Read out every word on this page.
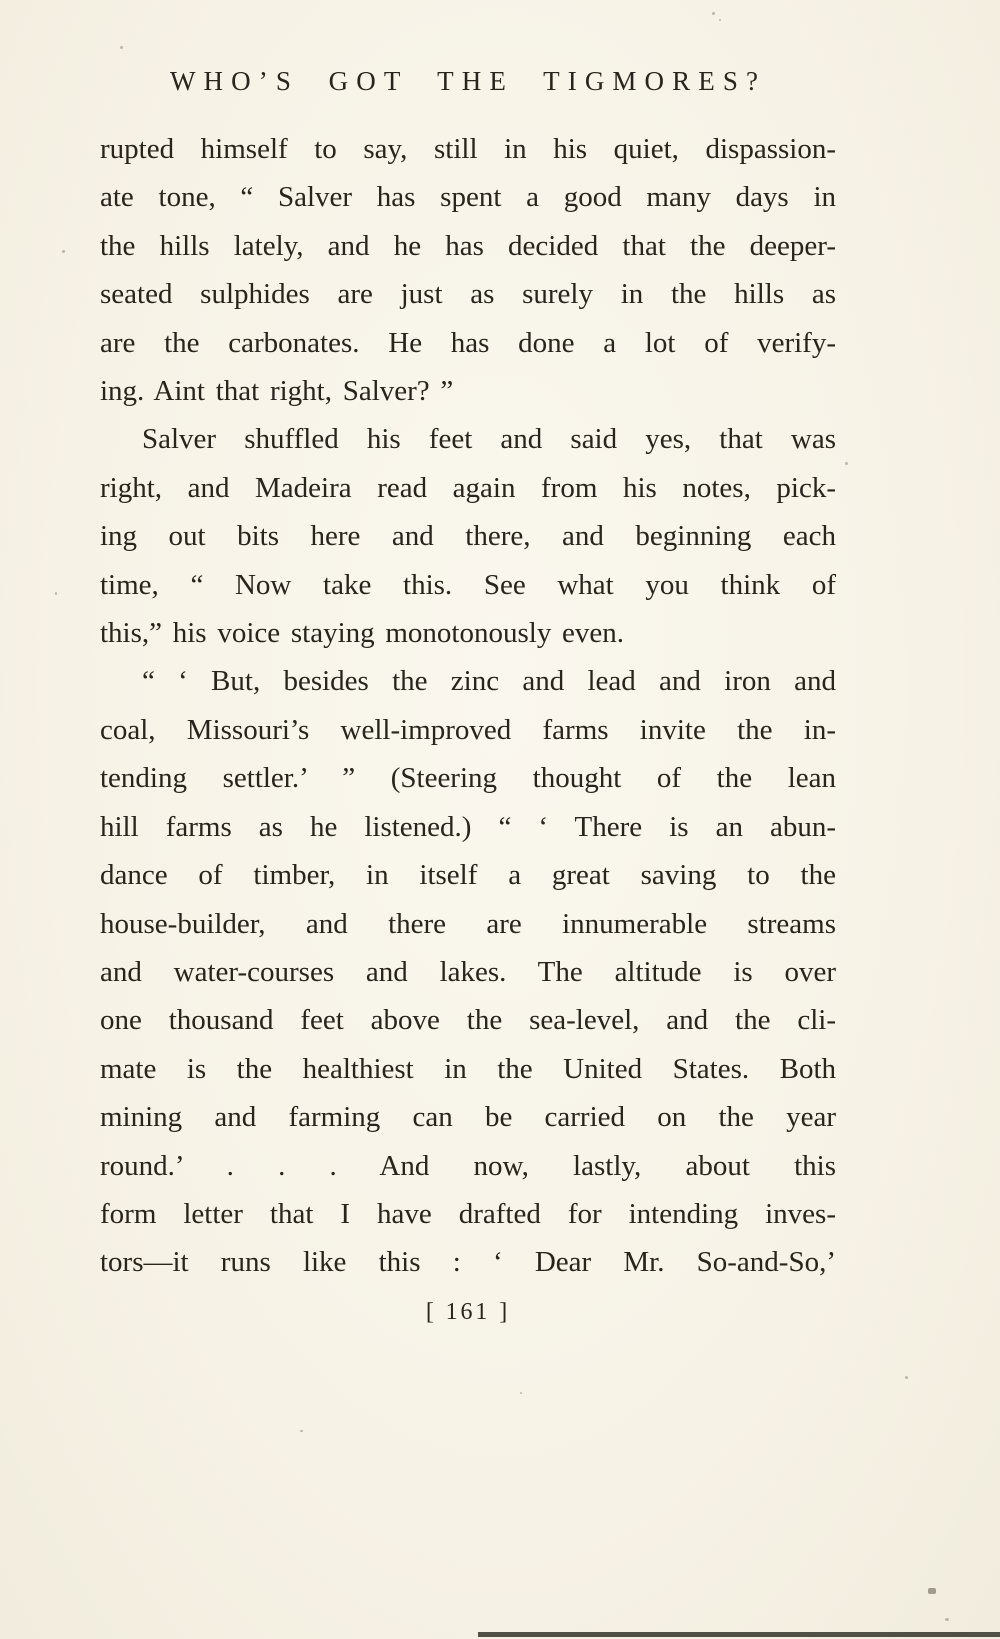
WHO’S GOT THE TIGMORES?
rupted himself to say, still in his quiet, dispassion-
ate tone, “ Salver has spent a good many days in
the hills lately, and he has decided that the deeper-
seated sulphides are just as surely in the hills as
are the carbonates. He has done a lot of verify-
ing. Aint that right, Salver? ”
Salver shuffled his feet and said yes, that was
right, and Madeira read again from his notes, pick-
ing out bits here and there, and beginning each
time, “ Now take this. See what you think of
this,” his voice staying monotonously even.
“ ‘ But, besides the zinc and lead and iron and
coal, Missouri’s well-improved farms invite the in-
tending settler.’ ” (Steering thought of the lean
hill farms as he listened.) “ ‘ There is an abun-
dance of timber, in itself a great saving to the
house-builder, and there are innumerable streams
and water-courses and lakes. The altitude is over
one thousand feet above the sea-level, and the cli-
mate is the healthiest in the United States. Both
mining and farming can be carried on the year
round.’ . . . And now, lastly, about this
form letter that I have drafted for intending inves-
tors—it runs like this : ‘ Dear Mr. So-and-So,’
[ 161 ]
